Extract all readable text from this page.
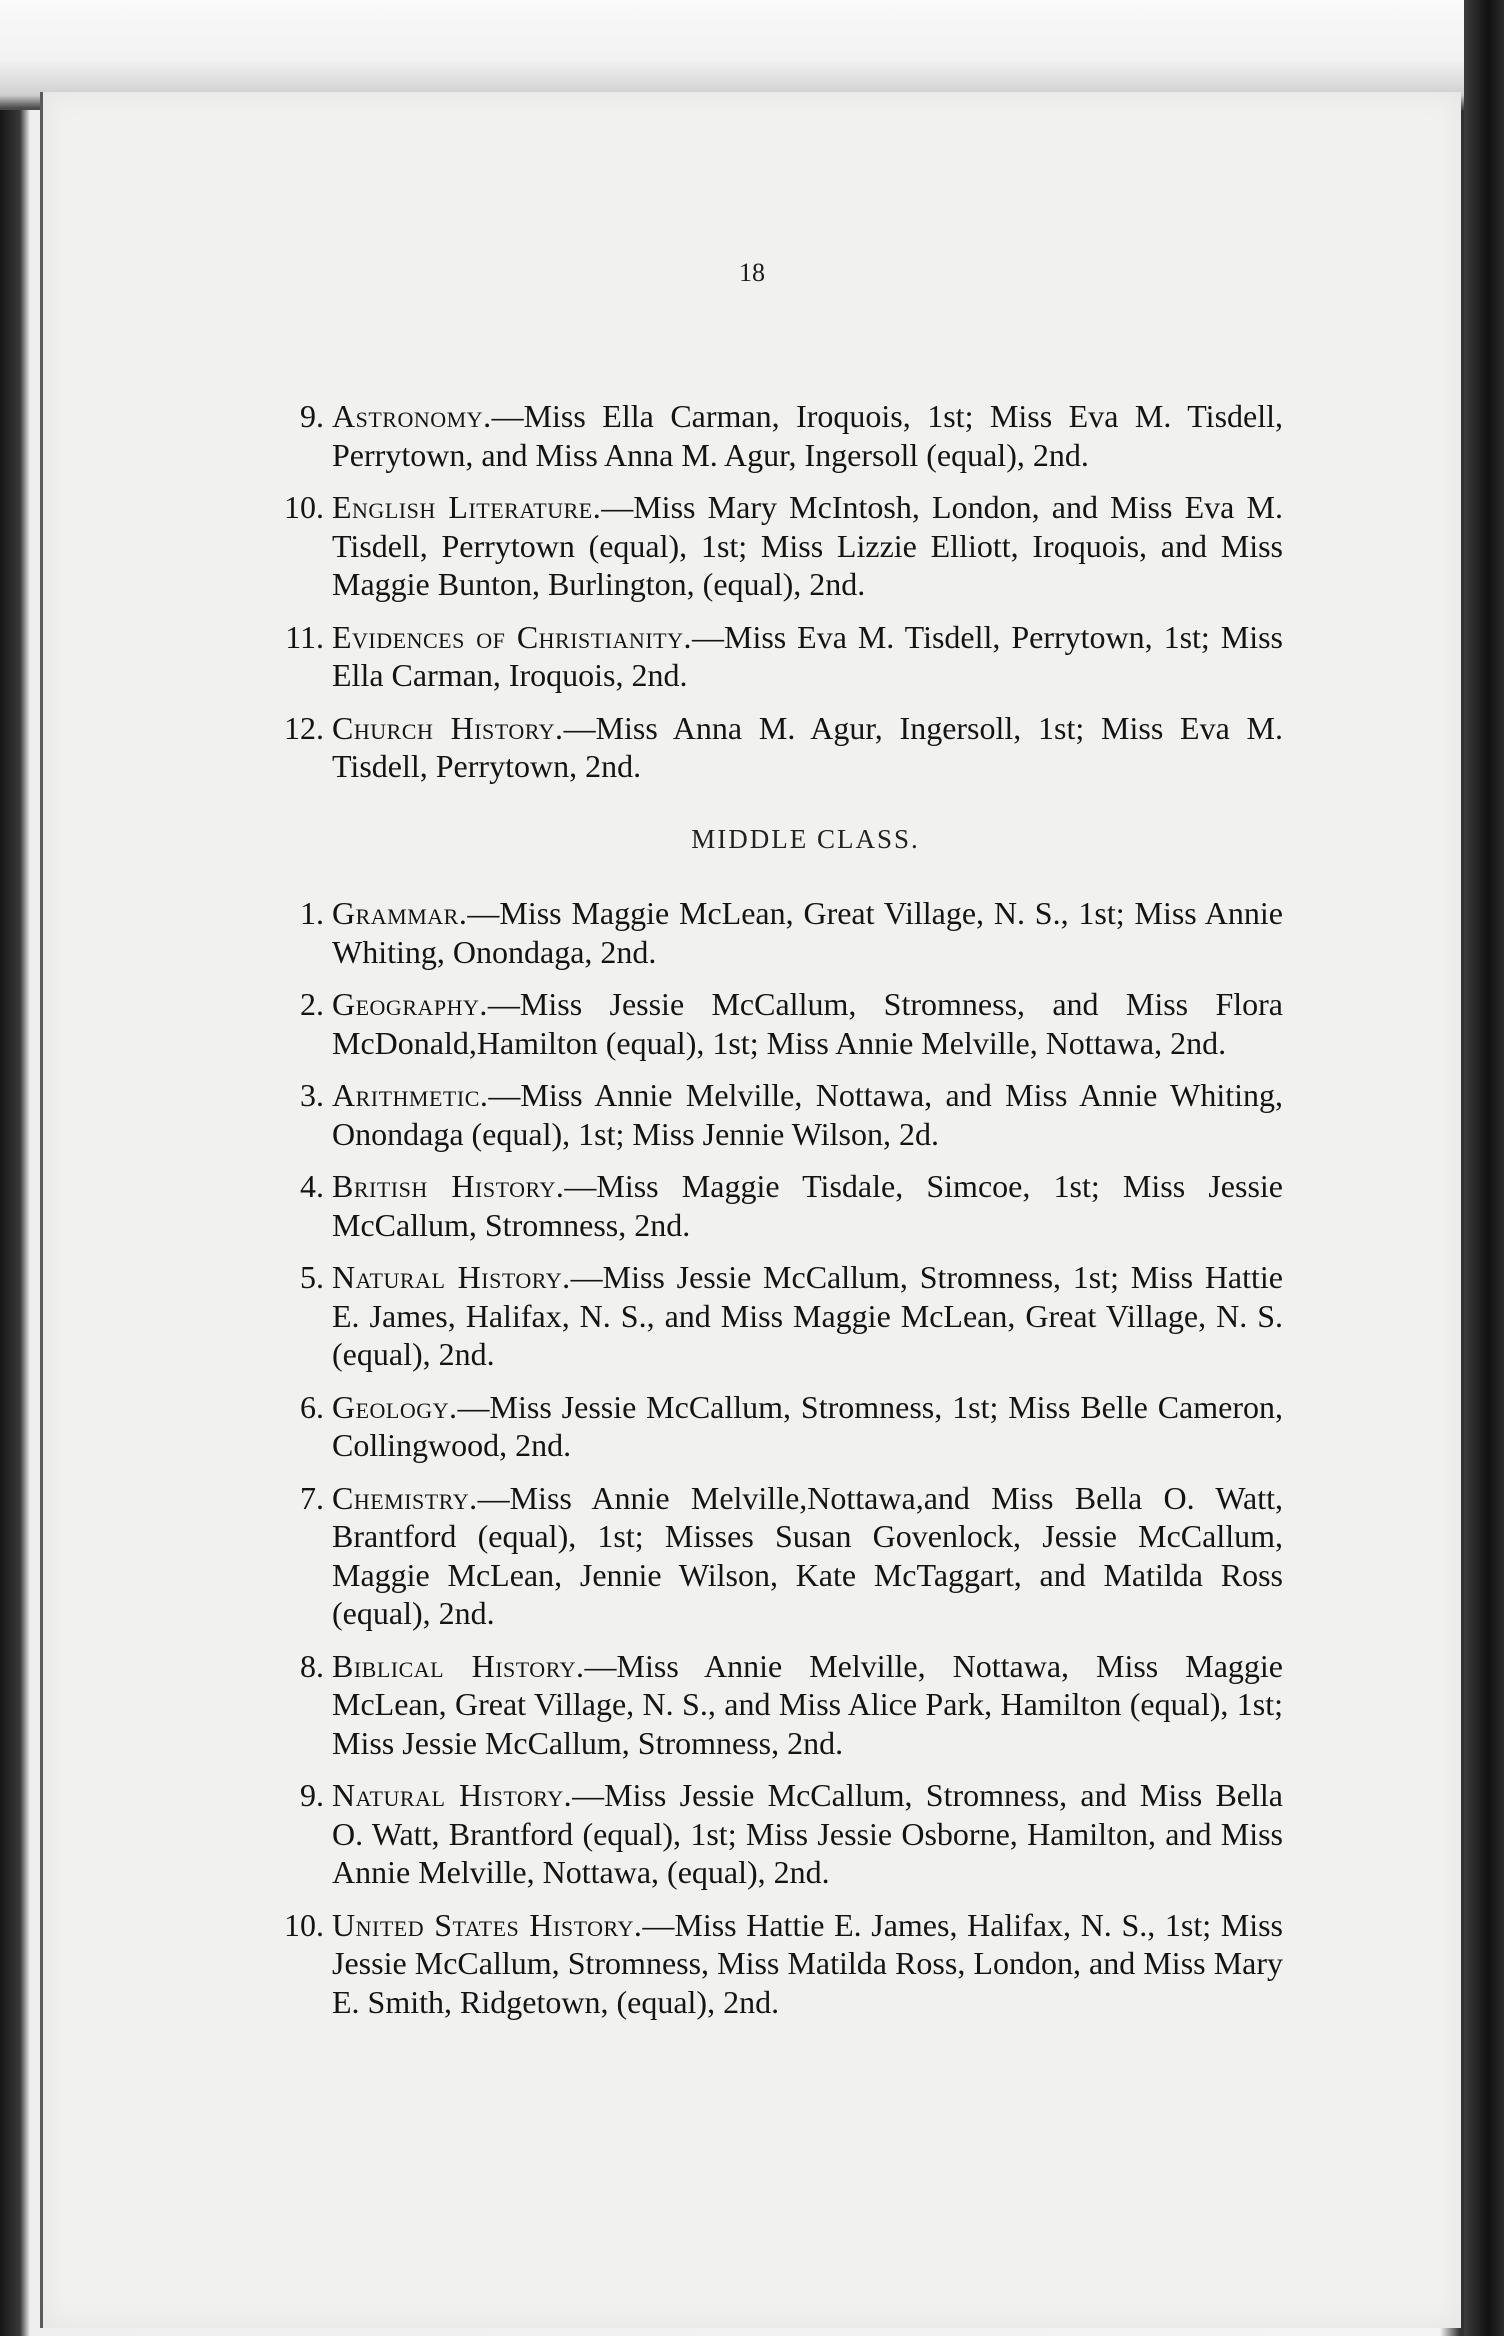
18
9. Astronomy.—Miss Ella Carman, Iroquois, 1st; Miss Eva M. Tisdell, Perrytown, and Miss Anna M. Agur, Ingersoll (equal), 2nd.
10. English Literature.—Miss Mary McIntosh, London, and Miss Eva M. Tisdell, Perrytown (equal), 1st; Miss Lizzie Elliott, Iroquois, and Miss Maggie Bunton, Burlington, (equal), 2nd.
11. Evidences of Christianity.—Miss Eva M. Tisdell, Perrytown, 1st; Miss Ella Carman, Iroquois, 2nd.
12. Church History.—Miss Anna M. Agur, Ingersoll, 1st; Miss Eva M. Tisdell, Perrytown, 2nd.
MIDDLE CLASS.
1. Grammar.—Miss Maggie McLean, Great Village, N. S., 1st; Miss Annie Whiting, Onondaga, 2nd.
2. Geography.—Miss Jessie McCallum, Stromness, and Miss Flora McDonald,Hamilton (equal), 1st; Miss Annie Melville, Nottawa, 2nd.
3. Arithmetic.—Miss Annie Melville, Nottawa, and Miss Annie Whiting, Onondaga (equal), 1st; Miss Jennie Wilson, 2d.
4. British History.—Miss Maggie Tisdale, Simcoe, 1st; Miss Jessie McCallum, Stromness, 2nd.
5. Natural History.—Miss Jessie McCallum, Stromness, 1st; Miss Hattie E. James, Halifax, N. S., and Miss Maggie McLean, Great Village, N. S. (equal), 2nd.
6. Geology.—Miss Jessie McCallum, Stromness, 1st; Miss Belle Cameron, Collingwood, 2nd.
7. Chemistry.—Miss Annie Melville,Nottawa,and Miss Bella O. Watt, Brantford (equal), 1st; Misses Susan Govenlock, Jessie McCallum, Maggie McLean, Jennie Wilson, Kate McTaggart, and Matilda Ross (equal), 2nd.
8. Biblical History.—Miss Annie Melville, Nottawa, Miss Maggie McLean, Great Village, N. S., and Miss Alice Park, Hamilton (equal), 1st; Miss Jessie McCallum, Stromness, 2nd.
9. Natural History.—Miss Jessie McCallum, Stromness, and Miss Bella O. Watt, Brantford (equal), 1st; Miss Jessie Osborne, Hamilton, and Miss Annie Melville, Nottawa, (equal), 2nd.
10. United States History.—Miss Hattie E. James, Halifax, N. S., 1st; Miss Jessie McCallum, Stromness, Miss Matilda Ross, London, and Miss Mary E. Smith, Ridgetown, (equal), 2nd.
